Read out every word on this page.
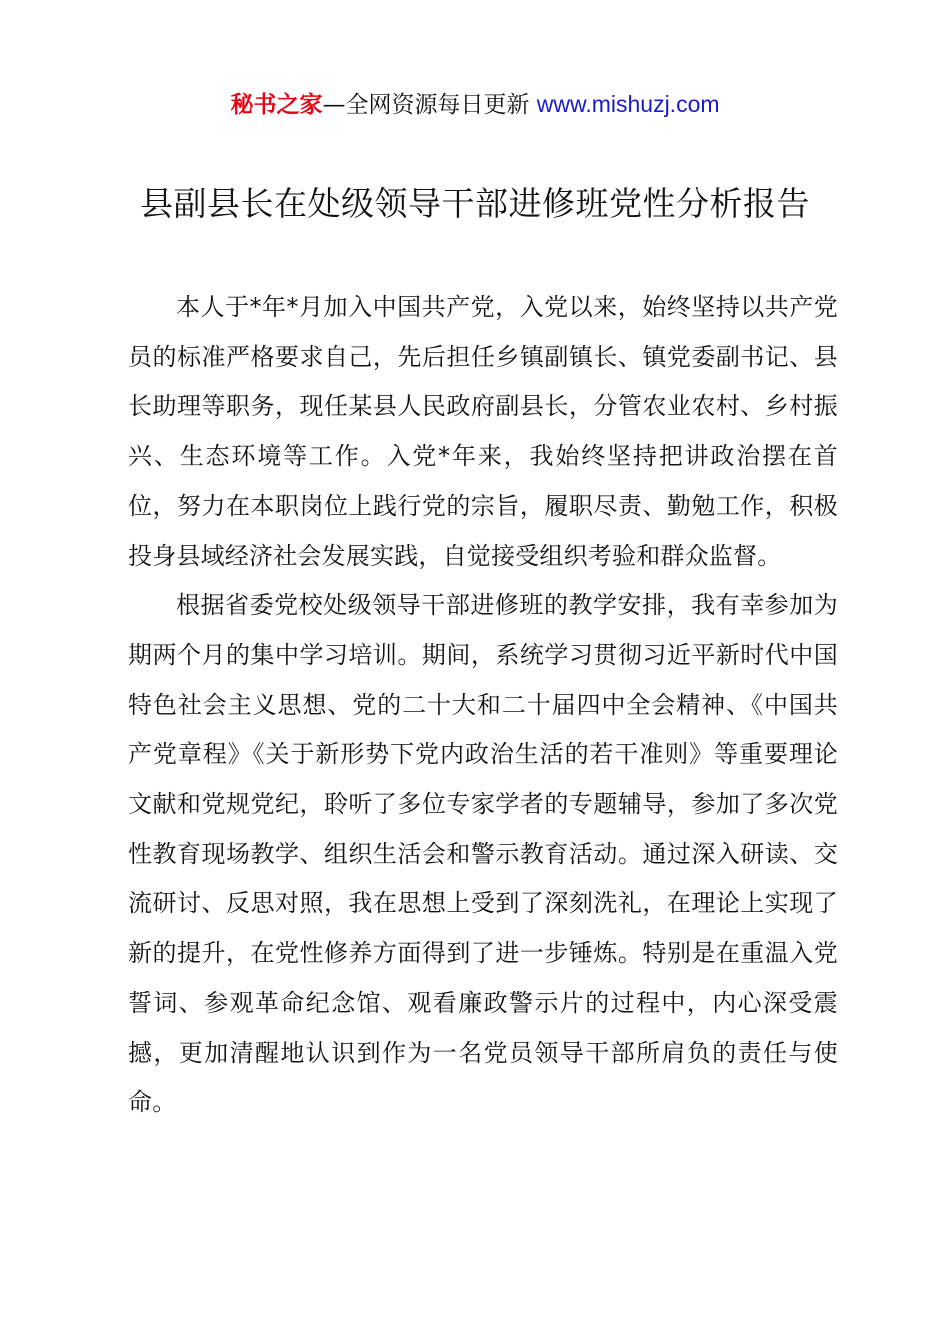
秘书之家—全网资源每日更新 www.mishuzj.com
县副县长在处级领导干部进修班党性分析报告

本人于*年*月加入中国共产党，入党以来，始终坚持以共产党员的标准严格要求自己，先后担任乡镇副镇长、镇党委副书记、县长助理等职务，现任某县人民政府副县长，分管农业农村、乡村振兴、生态环境等工作。入党*年来，我始终坚持把讲政治摆在首位，努力在本职岗位上践行党的宗旨，履职尽责、勤勉工作，积极投身县域经济社会发展实践，自觉接受组织考验和群众监督。

根据省委党校处级领导干部进修班的教学安排，我有幸参加为期两个月的集中学习培训。期间，系统学习贯彻习近平新时代中国特色社会主义思想、党的二十大和二十届四中全会精神、《中国共产党章程》《关于新形势下党内政治生活的若干准则》等重要理论文献和党规党纪，聆听了多位专家学者的专题辅导，参加了多次党性教育现场教学、组织生活会和警示教育活动。通过深入研读、交流研讨、反思对照，我在思想上受到了深刻洗礼，在理论上实现了新的提升，在党性修养方面得到了进一步锤炼。特别是在重温入党誓词、参观革命纪念馆、观看廉政警示片的过程中，内心深受震撼，更加清醒地认识到作为一名党员领导干部所肩负的责任与使命。
